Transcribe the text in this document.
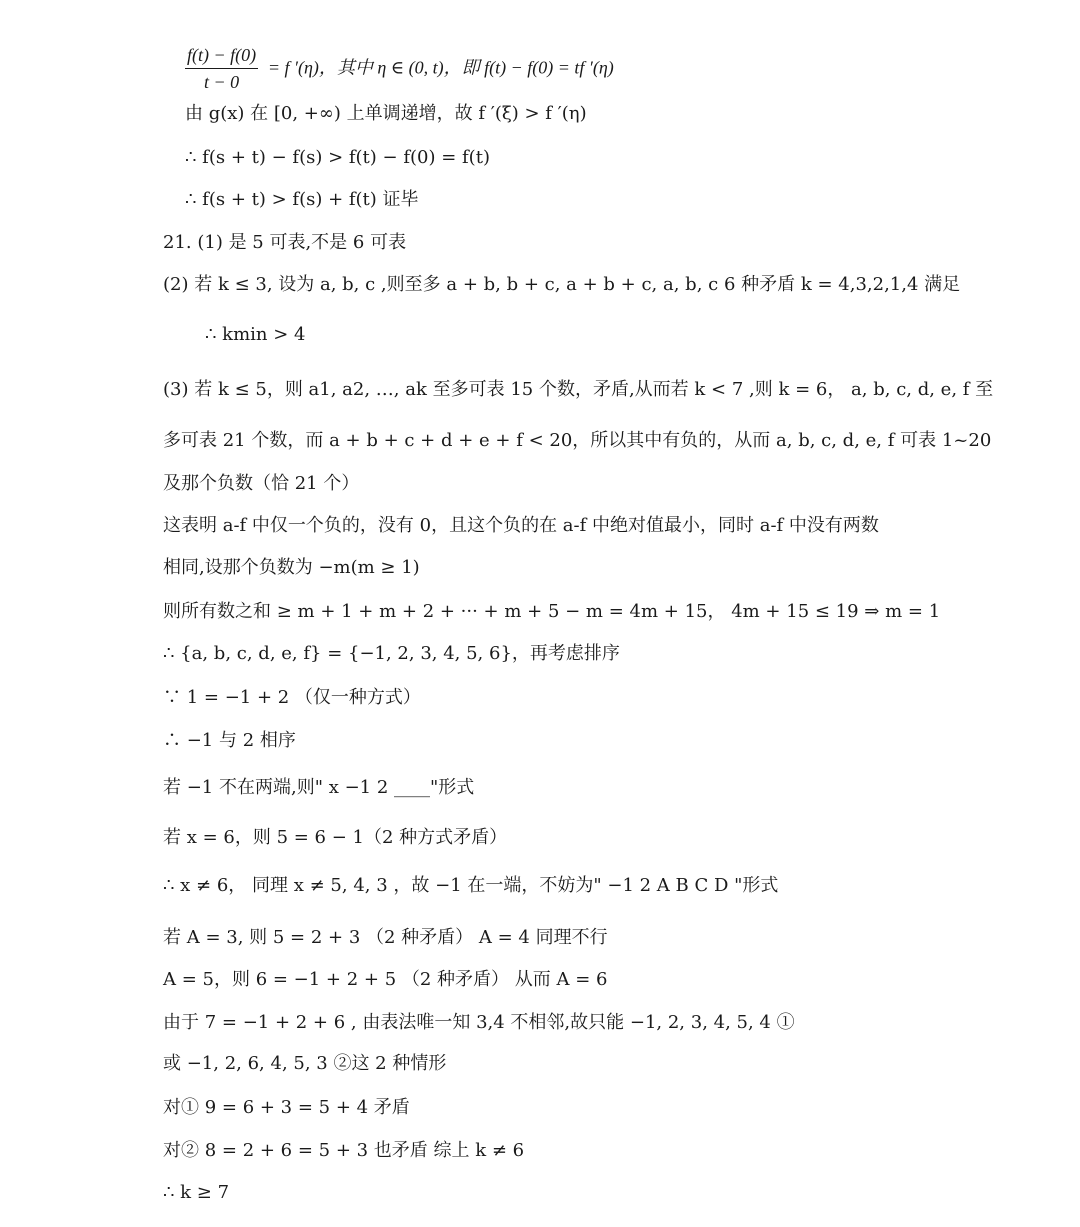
$\frac{f(t) - f(0)}{t - 0} = f$ ′(η)，其中 η ∈ (0, t)，即 f(t) − f(0) = tf ′(η)
由 g(x) 在 [0, +∞) 上单调递增，故 f ′(ξ) > f ′(η)
∴ f(s + t) − f(s) > f(t) − f(0) = f(t)
∴ f(s + t) > f(s) + f(t) 证毕
21. (1) 是 5 可表,不是 6 可表
(2) 若 k ≤ 3, 设为 a, b, c ,则至多 a + b, b + c, a + b + c, a, b, c 6 种矛盾 k = 4,3,2,1,4 满足
∴ kmin > 4
(3) 若 k ≤ 5，则 a1, a2, …, ak 至多可表 15 个数，矛盾,从而若 k < 7 ,则 k = 6， a, b, c, d, e, f 至
多可表 21 个数，而 a + b + c + d + e + f < 20，所以其中有负的，从而 a, b, c, d, e, f 可表 1~20
及那个负数（恰 21 个）
这表明 a-f 中仅一个负的，没有 0，且这个负的在 a-f 中绝对值最小，同时 a-f 中没有两数
相同,设那个负数为 −m(m ≥ 1)
则所有数之和 ≥ m + 1 + m + 2 + ··· + m + 5 − m = 4m + 15， 4m + 15 ≤ 19 ⇒ m = 1
∴ {a, b, c, d, e, f} = {−1, 2, 3, 4, 5, 6}，再考虑排序
∵ 1 = −1 + 2 （仅一种方式）
∴ −1 与 2 相序
若 −1 不在两端,则" x −1 2 ____"形式
若 x = 6，则 5 = 6 − 1（2 种方式矛盾）
∴ x ≠ 6， 同理 x ≠ 5, 4, 3 ，故 −1 在一端，不妨为" −1 2 A B C D "形式
若 A = 3, 则 5 = 2 + 3 （2 种矛盾） A = 4 同理不行
A = 5，则 6 = −1 + 2 + 5 （2 种矛盾） 从而 A = 6
由于 7 = −1 + 2 + 6 , 由表法唯一知 3,4 不相邻,故只能 −1, 2, 3, 4, 5, 4 ①
或 −1, 2, 6, 4, 5, 3 ②这 2 种情形
对① 9 = 6 + 3 = 5 + 4 矛盾
对② 8 = 2 + 6 = 5 + 3 也矛盾 综上 k ≠ 6
∴ k ≥ 7
